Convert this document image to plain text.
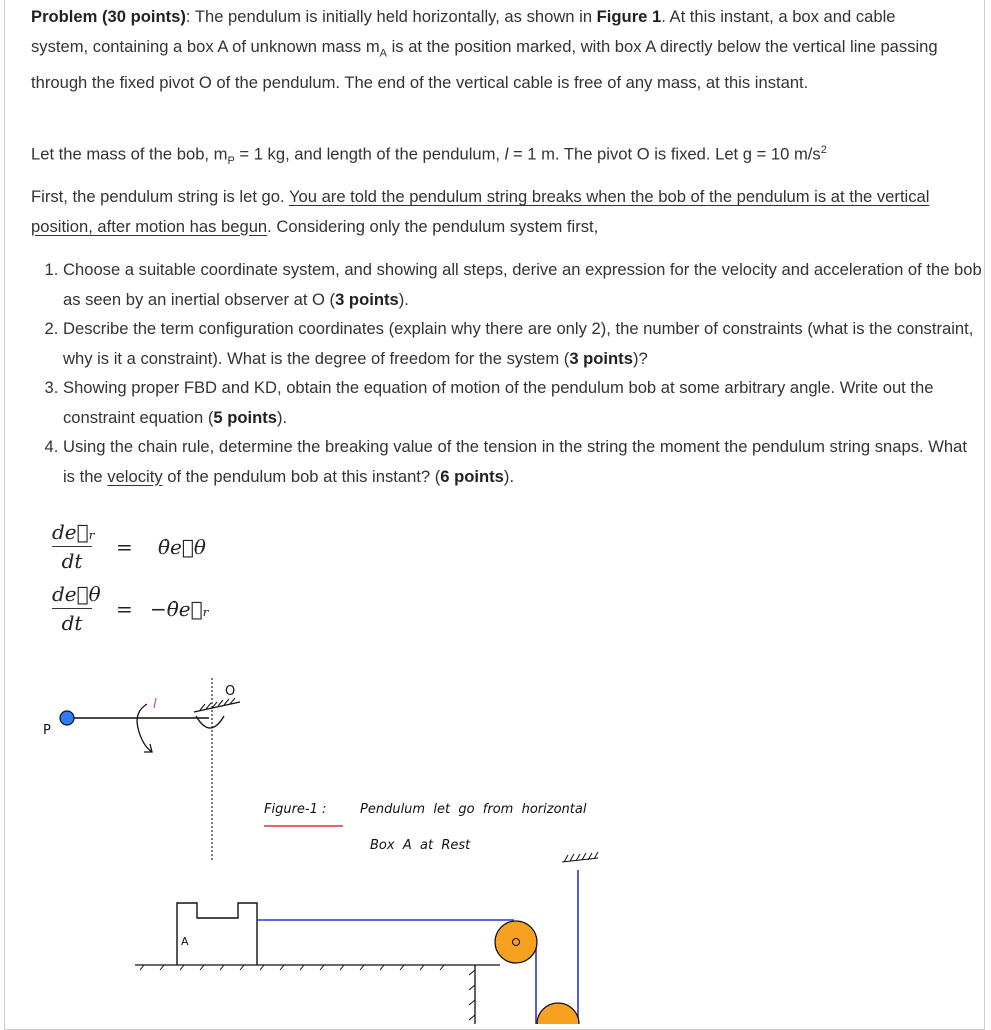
Problem (30 points): The pendulum is initially held horizontally, as shown in Figure 1. At this instant, a box and cable system, containing a box A of unknown mass $m_A$ is at the position marked, with box A directly below the vertical line passing through the fixed pivot O of the pendulum. The end of the vertical cable is free of any mass, at this instant.
Let the mass of the bob, $m_P = 1$ kg, and length of the pendulum, l = 1 m. The pivot O is fixed. Let g = 10 $m/s^2$
First, the pendulum string is let go. You are told the pendulum string breaks when the bob of the pendulum is at the vertical position, after motion has begun. Considering only the pendulum system first,
1. Choose a suitable coordinate system, and showing all steps, derive an expression for the velocity and acceleration of the bob as seen by an inertial observer at O (3 points).
2. Describe the term configuration coordinates (explain why there are only 2), the number of constraints (what is the constraint, why is it a constraint). What is the degree of freedom for the system (3 points)?
3. Showing proper FBD and KD, obtain the equation of motion of the pendulum bob at some arbitrary angle. Write out the constraint equation (5 points).
4. Using the chain rule, determine the breaking value of the tension in the string the moment the pendulum string snaps. What is the velocity of the pendulum bob at this instant? (6 points).
$\frac{\text{de⃗ᵣ}}{dt}$ = θ̇e⃗θ
$\frac{de⃗\theta}{dt}$ = −θ̇e⃗ᵣ
P
l
O
A
Figure-1 :	Pendulum  let  go  from  horizontal
Box  A  at  Rest
